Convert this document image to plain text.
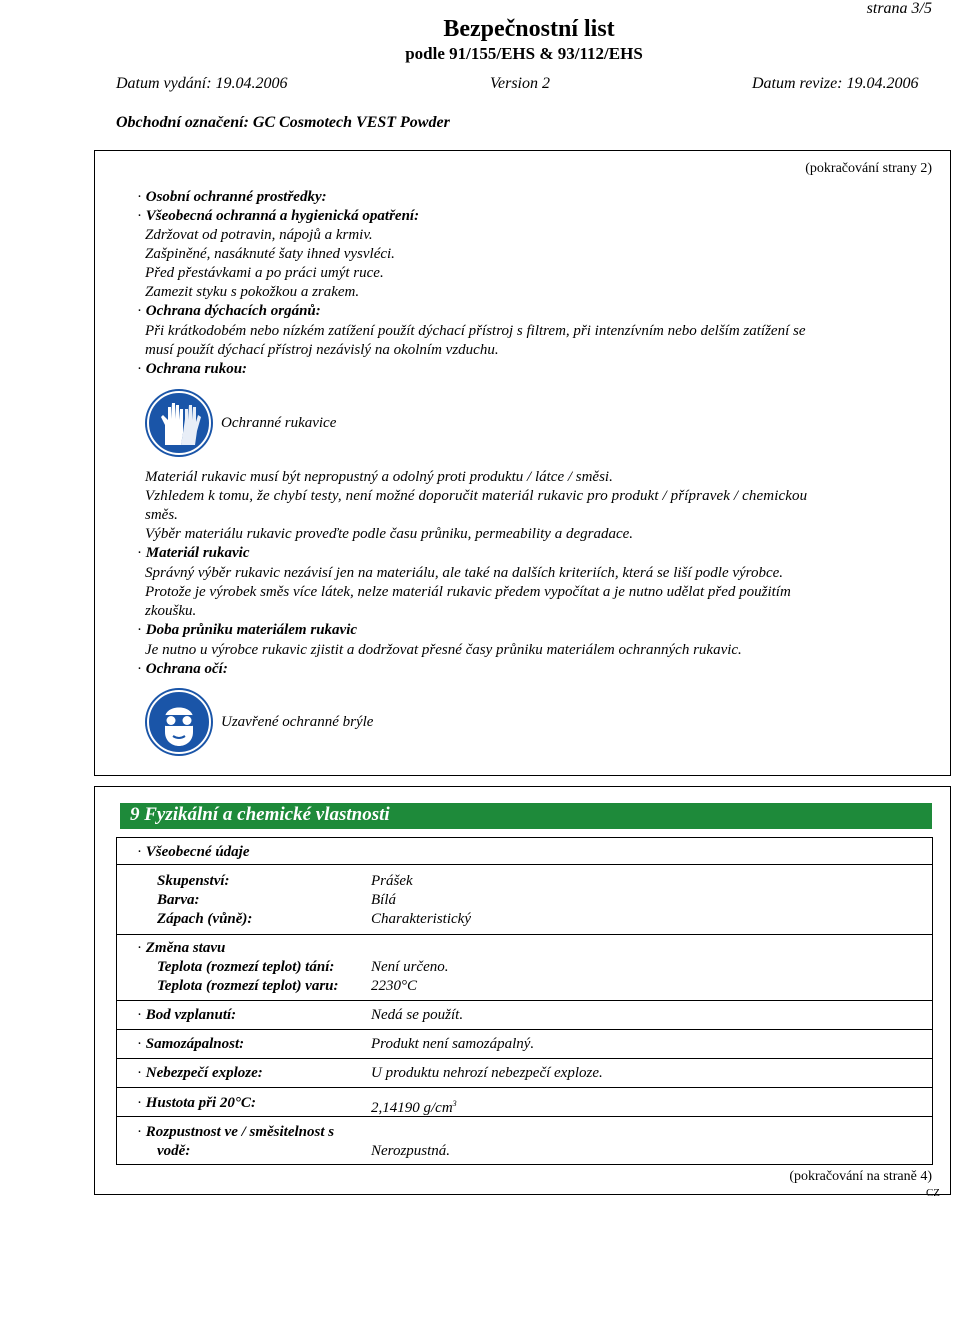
strana 3/5
Bezpečnostní list
podle 91/155/EHS & 93/112/EHS
Datum vydání: 19.04.2006	Version 2	Datum revize: 19.04.2006
Obchodní označení: GC Cosmotech VEST Powder
(pokračování strany 2)
· Osobní ochranné prostředky:
· Všeobecná ochranná a hygienická opatření:
Zdržovat od potravin, nápojů a krmiv.
Zašpiněné, nasáknuté šaty ihned vysvléci.
Před přestávkami a po práci umýt ruce.
Zamezit styku s pokožkou a zrakem.
· Ochrana dýchacích orgánů:
Při krátkodobém nebo nízkém zatížení použít dýchací přístroj s filtrem, při intenzívním nebo delším zatížení se
musí použít dýchací přístroj nezávislý na okolním vzduchu.
· Ochrana rukou:
Ochranné rukavice
Materiál rukavic musí být nepropustný a odolný proti produktu / látce / směsi.
Vzhledem k tomu, že chybí testy, není možné doporučit materiál rukavic pro produkt / přípravek / chemickou
směs.
Výběr materiálu rukavic proveďte podle času průniku, permeability a degradace.
· Materiál rukavic
Správný výběr rukavic nezávisí jen na materiálu, ale také na dalších kriteriích, která se liší podle výrobce.
Protože je výrobek směs více látek, nelze materiál rukavic předem vypočítat a je nutno udělat před použitím
zkoušku.
· Doba průniku materiálem rukavic
Je nutno u výrobce rukavic zjistit a dodržovat přesné časy průniku materiálem ochranných rukavic.
· Ochrana očí:
Uzavřené ochranné brýle
9 Fyzikální a chemické vlastnosti
· Všeobecné údaje
Skupenství:	Prášek
Barva:	Bílá
Zápach (vůně):	Charakteristický
· Změna stavu
Teplota (rozmezí teplot) tání: Není určeno.
Teplota (rozmezí teplot) varu: 2230°C
· Bod vzplanutí:	Nedá se použít.
· Samozápalnost:	Produkt není samozápalný.
· Nebezpečí exploze:	U produktu nehrozí nebezpečí exploze.
· Hustota při 20°C:	2,14190 $g/cm^3$
· Rozpustnost ve / směsitelnost s
vodě:	Nerozpustná.
(pokračování na straně 4)
CZ
